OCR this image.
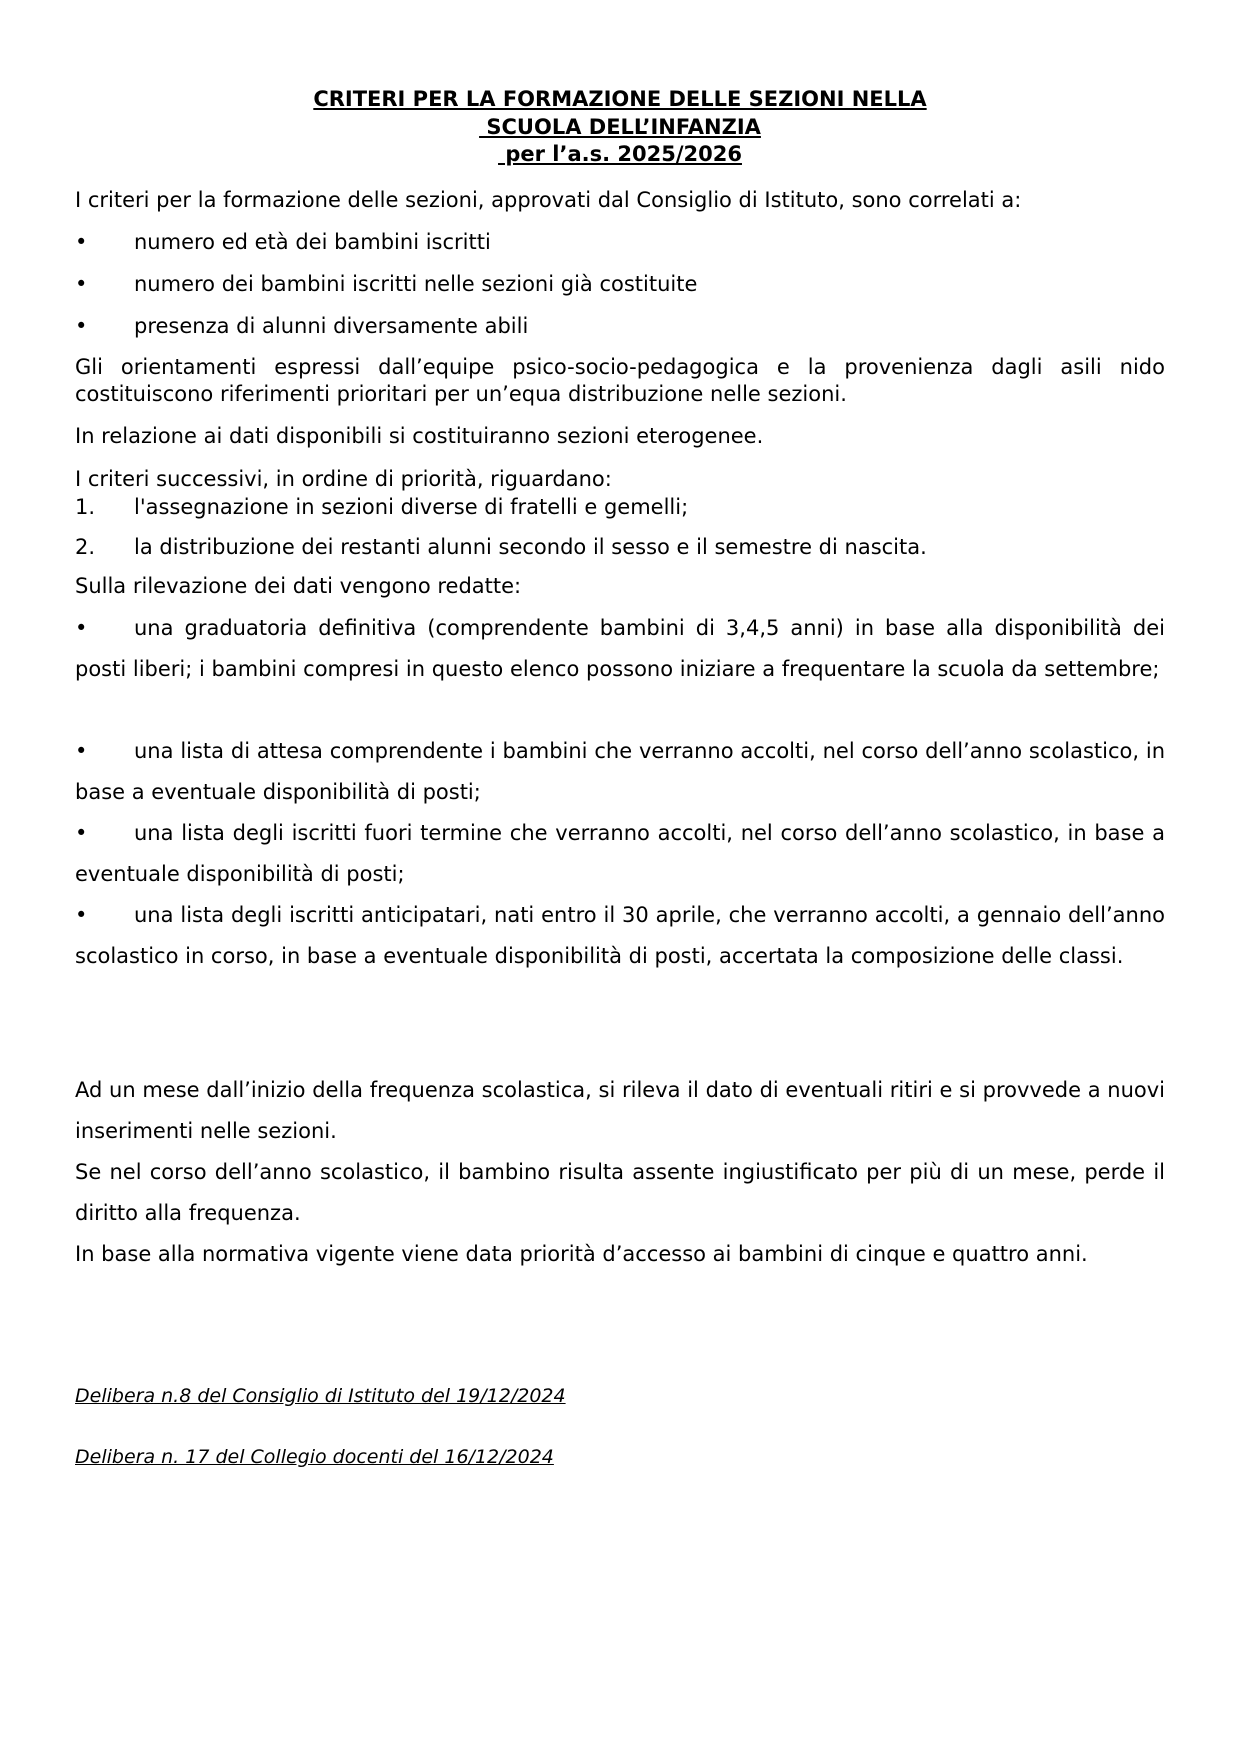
CRITERI PER LA FORMAZIONE DELLE SEZIONI NELLA
SCUOLA DELL’INFANZIA
per l’a.s. 2025/2026

I criteri per la formazione delle sezioni, approvati dal Consiglio di Istituto, sono correlati a:

• numero ed età dei bambini iscritti
• numero dei bambini iscritti nelle sezioni già costituite
• presenza di alunni diversamente abili

Gli orientamenti espressi dall’equipe psico-socio-pedagogica e la provenienza dagli asili nido costituiscono riferimenti prioritari per un’equa distribuzione nelle sezioni.

In relazione ai dati disponibili si costituiranno sezioni eterogenee.

I criteri successivi, in ordine di priorità, riguardano:

1. l'assegnazione in sezioni diverse di fratelli e gemelli;
2. la distribuzione dei restanti alunni secondo il sesso e il semestre di nascita.

Sulla rilevazione dei dati vengono redatte:

• una graduatoria definitiva (comprendente bambini di 3,4,5 anni) in base alla disponibilità dei posti liberi; i bambini compresi in questo elenco possono iniziare a frequentare la scuola da settembre;
• una lista di attesa comprendente i bambini che verranno accolti, nel corso dell’anno scolastico, in base a eventuale disponibilità di posti;
• una lista degli iscritti fuori termine che verranno accolti, nel corso dell’anno scolastico, in base a eventuale disponibilità di posti;
• una lista degli iscritti anticipatari, nati entro il 30 aprile, che verranno accolti, a gennaio dell’anno scolastico in corso, in base a eventuale disponibilità di posti, accertata la composizione delle classi.

Ad un mese dall’inizio della frequenza scolastica, si rileva il dato di eventuali ritiri e si provvede a nuovi inserimenti nelle sezioni.

Se nel corso dell’anno scolastico, il bambino risulta assente ingiustificato per più di un mese, perde il diritto alla frequenza.

In base alla normativa vigente viene data priorità d’accesso ai bambini di cinque e quattro anni.

Delibera n.8 del Consiglio di Istituto del 19/12/2024
Delibera n. 17 del Collegio docenti del 16/12/2024
